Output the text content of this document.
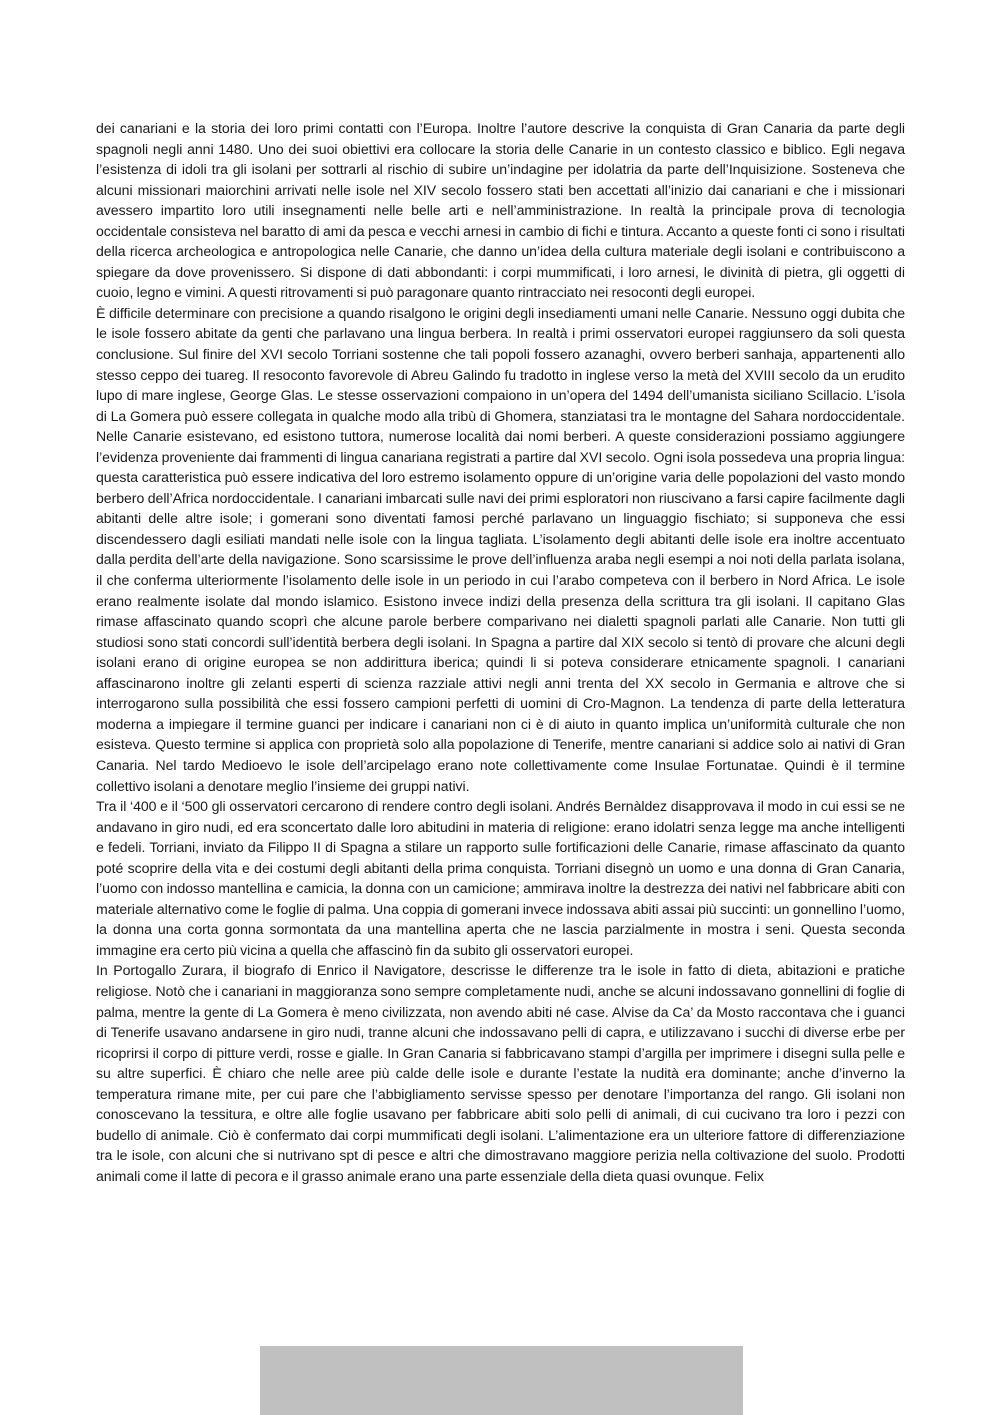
dei canariani e la storia dei loro primi contatti con l’Europa. Inoltre l’autore descrive la conquista di Gran Canaria da parte degli spagnoli negli anni 1480. Uno dei suoi obiettivi era collocare la storia delle Canarie in un contesto classico e biblico. Egli negava l’esistenza di idoli tra gli isolani per sottrarli al rischio di subire un’indagine per idolatria da parte dell’Inquisizione. Sosteneva che alcuni missionari maiorchini arrivati nelle isole nel XIV secolo fossero stati ben accettati all’inizio dai canariani e che i missionari avessero impartito loro utili insegnamenti nelle belle arti e nell’amministrazione. In realtà la principale prova di tecnologia occidentale consisteva nel baratto di ami da pesca e vecchi arnesi in cambio di fichi e tintura. Accanto a queste fonti ci sono i risultati della ricerca archeologica e antropologica nelle Canarie, che danno un’idea della cultura materiale degli isolani e contribuiscono a spiegare da dove provenissero. Si dispone di dati abbondanti: i corpi mummificati, i loro arnesi, le divinità di pietra, gli oggetti di cuoio, legno e vimini. A questi ritrovamenti si può paragonare quanto rintracciato nei resoconti degli europei.

È difficile determinare con precisione a quando risalgono le origini degli insediamenti umani nelle Canarie. Nessuno oggi dubita che le isole fossero abitate da genti che parlavano una lingua berbera. In realtà i primi osservatori europei raggiunsero da soli questa conclusione. Sul finire del XVI secolo Torriani sostenne che tali popoli fossero azanaghi, ovvero berberi sanhaja, appartenenti allo stesso ceppo dei tuareg. Il resoconto favorevole di Abreu Galindo fu tradotto in inglese verso la metà del XVIII secolo da un erudito lupo di mare inglese, George Glas. Le stesse osservazioni compaiono in un’opera del 1494 dell’umanista siciliano Scillacio. L’isola di La Gomera può essere collegata in qualche modo alla tribù di Ghomera, stanziatasi tra le montagne del Sahara nordoccidentale. Nelle Canarie esistevano, ed esistono tuttora, numerose località dai nomi berberi. A queste considerazioni possiamo aggiungere l’evidenza proveniente dai frammenti di lingua canariana registrati a partire dal XVI secolo. Ogni isola possedeva una propria lingua: questa caratteristica può essere indicativa del loro estremo isolamento oppure di un’origine varia delle popolazioni del vasto mondo berbero dell’Africa nordoccidentale. I canariani imbarcati sulle navi dei primi esploratori non riuscivano a farsi capire facilmente dagli abitanti delle altre isole; i gomerani sono diventati famosi perché parlavano un linguaggio fischiato; si supponeva che essi discendessero dagli esiliati mandati nelle isole con la lingua tagliata. L’isolamento degli abitanti delle isole era inoltre accentuato dalla perdita dell’arte della navigazione. Sono scarsissime le prove dell’influenza araba negli esempi a noi noti della parlata isolana, il che conferma ulteriormente l’isolamento delle isole in un periodo in cui l’arabo competeva con il berbero in Nord Africa. Le isole erano realmente isolate dal mondo islamico. Esistono invece indizi della presenza della scrittura tra gli isolani. Il capitano Glas rimase affascinato quando scoprì che alcune parole berbere comparivano nei dialetti spagnoli parlati alle Canarie. Non tutti gli studiosi sono stati concordi sull’identità berbera degli isolani. In Spagna a partire dal XIX secolo si tentò di provare che alcuni degli isolani erano di origine europea se non addirittura iberica; quindi li si poteva considerare etnicamente spagnoli. I canariani affascinarono inoltre gli zelanti esperti di scienza razziale attivi negli anni trenta del XX secolo in Germania e altrove che si interrogarono sulla possibilità che essi fossero campioni perfetti di uomini di Cro-Magnon. La tendenza di parte della letteratura moderna a impiegare il termine guanci per indicare i canariani non ci è di aiuto in quanto implica un’uniformità culturale che non esisteva. Questo termine si applica con proprietà solo alla popolazione di Tenerife, mentre canariani si addice solo ai nativi di Gran Canaria. Nel tardo Medioevo le isole dell’arcipelago erano note collettivamente come Insulae Fortunatae. Quindi è il termine collettivo isolani a denotare meglio l’insieme dei gruppi nativi.

Tra il ‘400 e il ‘500 gli osservatori cercarono di rendere contro degli isolani. Andrés Bernàldez disapprovava il modo in cui essi se ne andavano in giro nudi, ed era sconcertato dalle loro abitudini in materia di religione: erano idolatri senza legge ma anche intelligenti e fedeli. Torriani, inviato da Filippo II di Spagna a stilare un rapporto sulle fortificazioni delle Canarie, rimase affascinato da quanto poté scoprire della vita e dei costumi degli abitanti della prima conquista. Torriani disegnò un uomo e una donna di Gran Canaria, l’uomo con indosso mantellina e camicia, la donna con un camicione; ammirava inoltre la destrezza dei nativi nel fabbricare abiti con materiale alternativo come le foglie di palma. Una coppia di gomerani invece indossava abiti assai più succinti: un gonnellino l’uomo, la donna una corta gonna sormontata da una mantellina aperta che ne lascia parzialmente in mostra i seni. Questa seconda immagine era certo più vicina a quella che affascinò fin da subito gli osservatori europei.

In Portogallo Zurara, il biografo di Enrico il Navigatore, descrisse le differenze tra le isole in fatto di dieta, abitazioni e pratiche religiose. Notò che i canariani in maggioranza sono sempre completamente nudi, anche se alcuni indossavano gonnellini di foglie di palma, mentre la gente di La Gomera è meno civilizzata, non avendo abiti né case. Alvise da Ca’ da Mosto raccontava che i guanci di Tenerife usavano andarsene in giro nudi, tranne alcuni che indossavano pelli di capra, e utilizzavano i succhi di diverse erbe per ricoprirsi il corpo di pitture verdi, rosse e gialle. In Gran Canaria si fabbricavano stampi d’argilla per imprimere i disegni sulla pelle e su altre superfici. È chiaro che nelle aree più calde delle isole e durante l’estate la nudità era dominante; anche d’inverno la temperatura rimane mite, per cui pare che l’abbigliamento servisse spesso per denotare l’importanza del rango. Gli isolani non conoscevano la tessitura, e oltre alle foglie usavano per fabbricare abiti solo pelli di animali, di cui cucivano tra loro i pezzi con budello di animale. Ciò è confermato dai corpi mummificati degli isolani. L’alimentazione era un ulteriore fattore di differenziazione tra le isole, con alcuni che si nutrivano spt di pesce e altri che dimostravano maggiore perizia nella coltivazione del suolo. Prodotti animali come il latte di pecora e il grasso animale erano una parte essenziale della dieta quasi ovunque. Felix
